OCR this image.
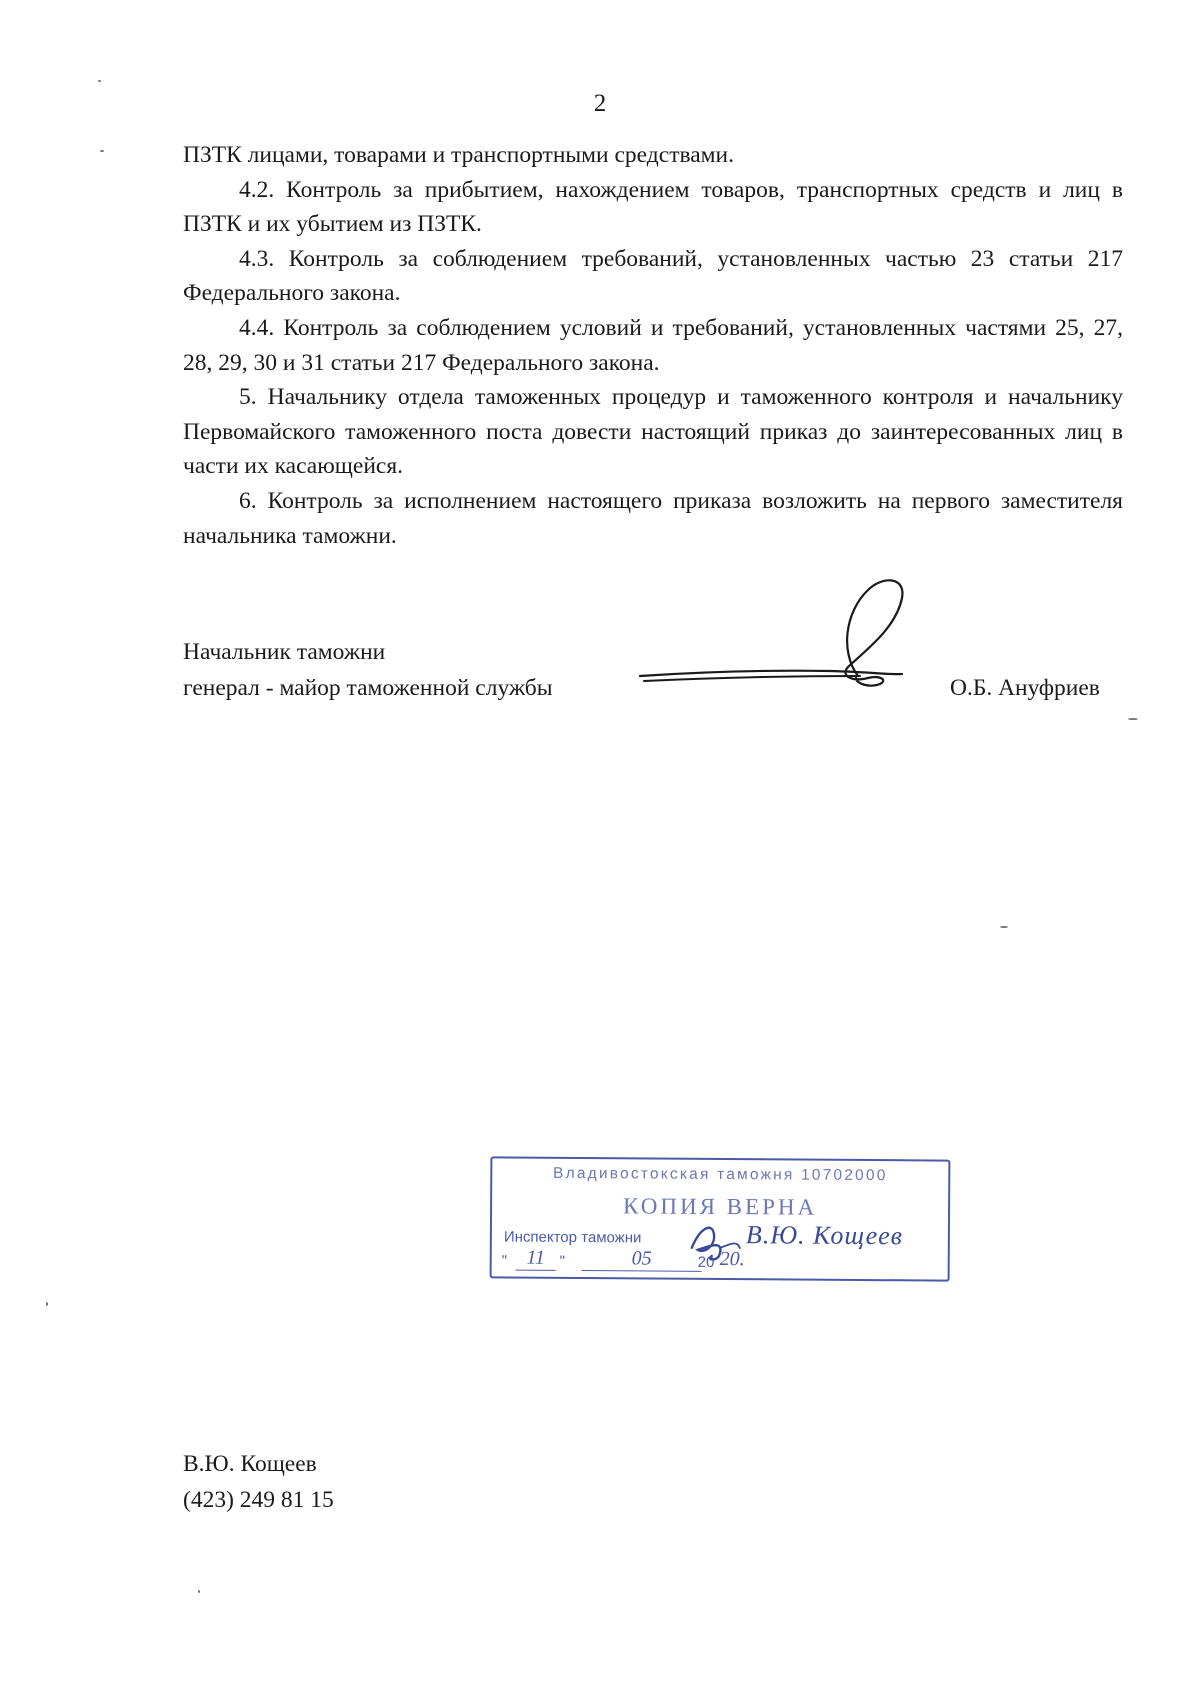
2

ПЗТК лицами, товарами и транспортными средствами.

4.2. Контроль за прибытием, нахождением товаров, транспортных средств и лиц в ПЗТК и их убытием из ПЗТК.

4.3. Контроль за соблюдением требований, установленных частью 23 статьи 217 Федерального закона.

4.4. Контроль за соблюдением условий и требований, установленных частями 25, 27, 28, 29, 30 и 31 статьи 217 Федерального закона.

5. Начальнику отдела таможенных процедур и таможенного контроля и начальнику Первомайского таможенного поста довести настоящий приказ до заинтересованных лиц в части их касающейся.

6. Контроль за исполнением настоящего приказа возложить на первого заместителя начальника таможни.

Начальник таможни
генерал - майор таможенной службы	О.Б. Ануфриев
Владивостокская таможня 10702000
КОПИЯ ВЕРНА
Инспектор таможни	В.Ю. Кощеев
" 11 "	05	20 20.
В.Ю. Кощеев
(423) 249 81 15
